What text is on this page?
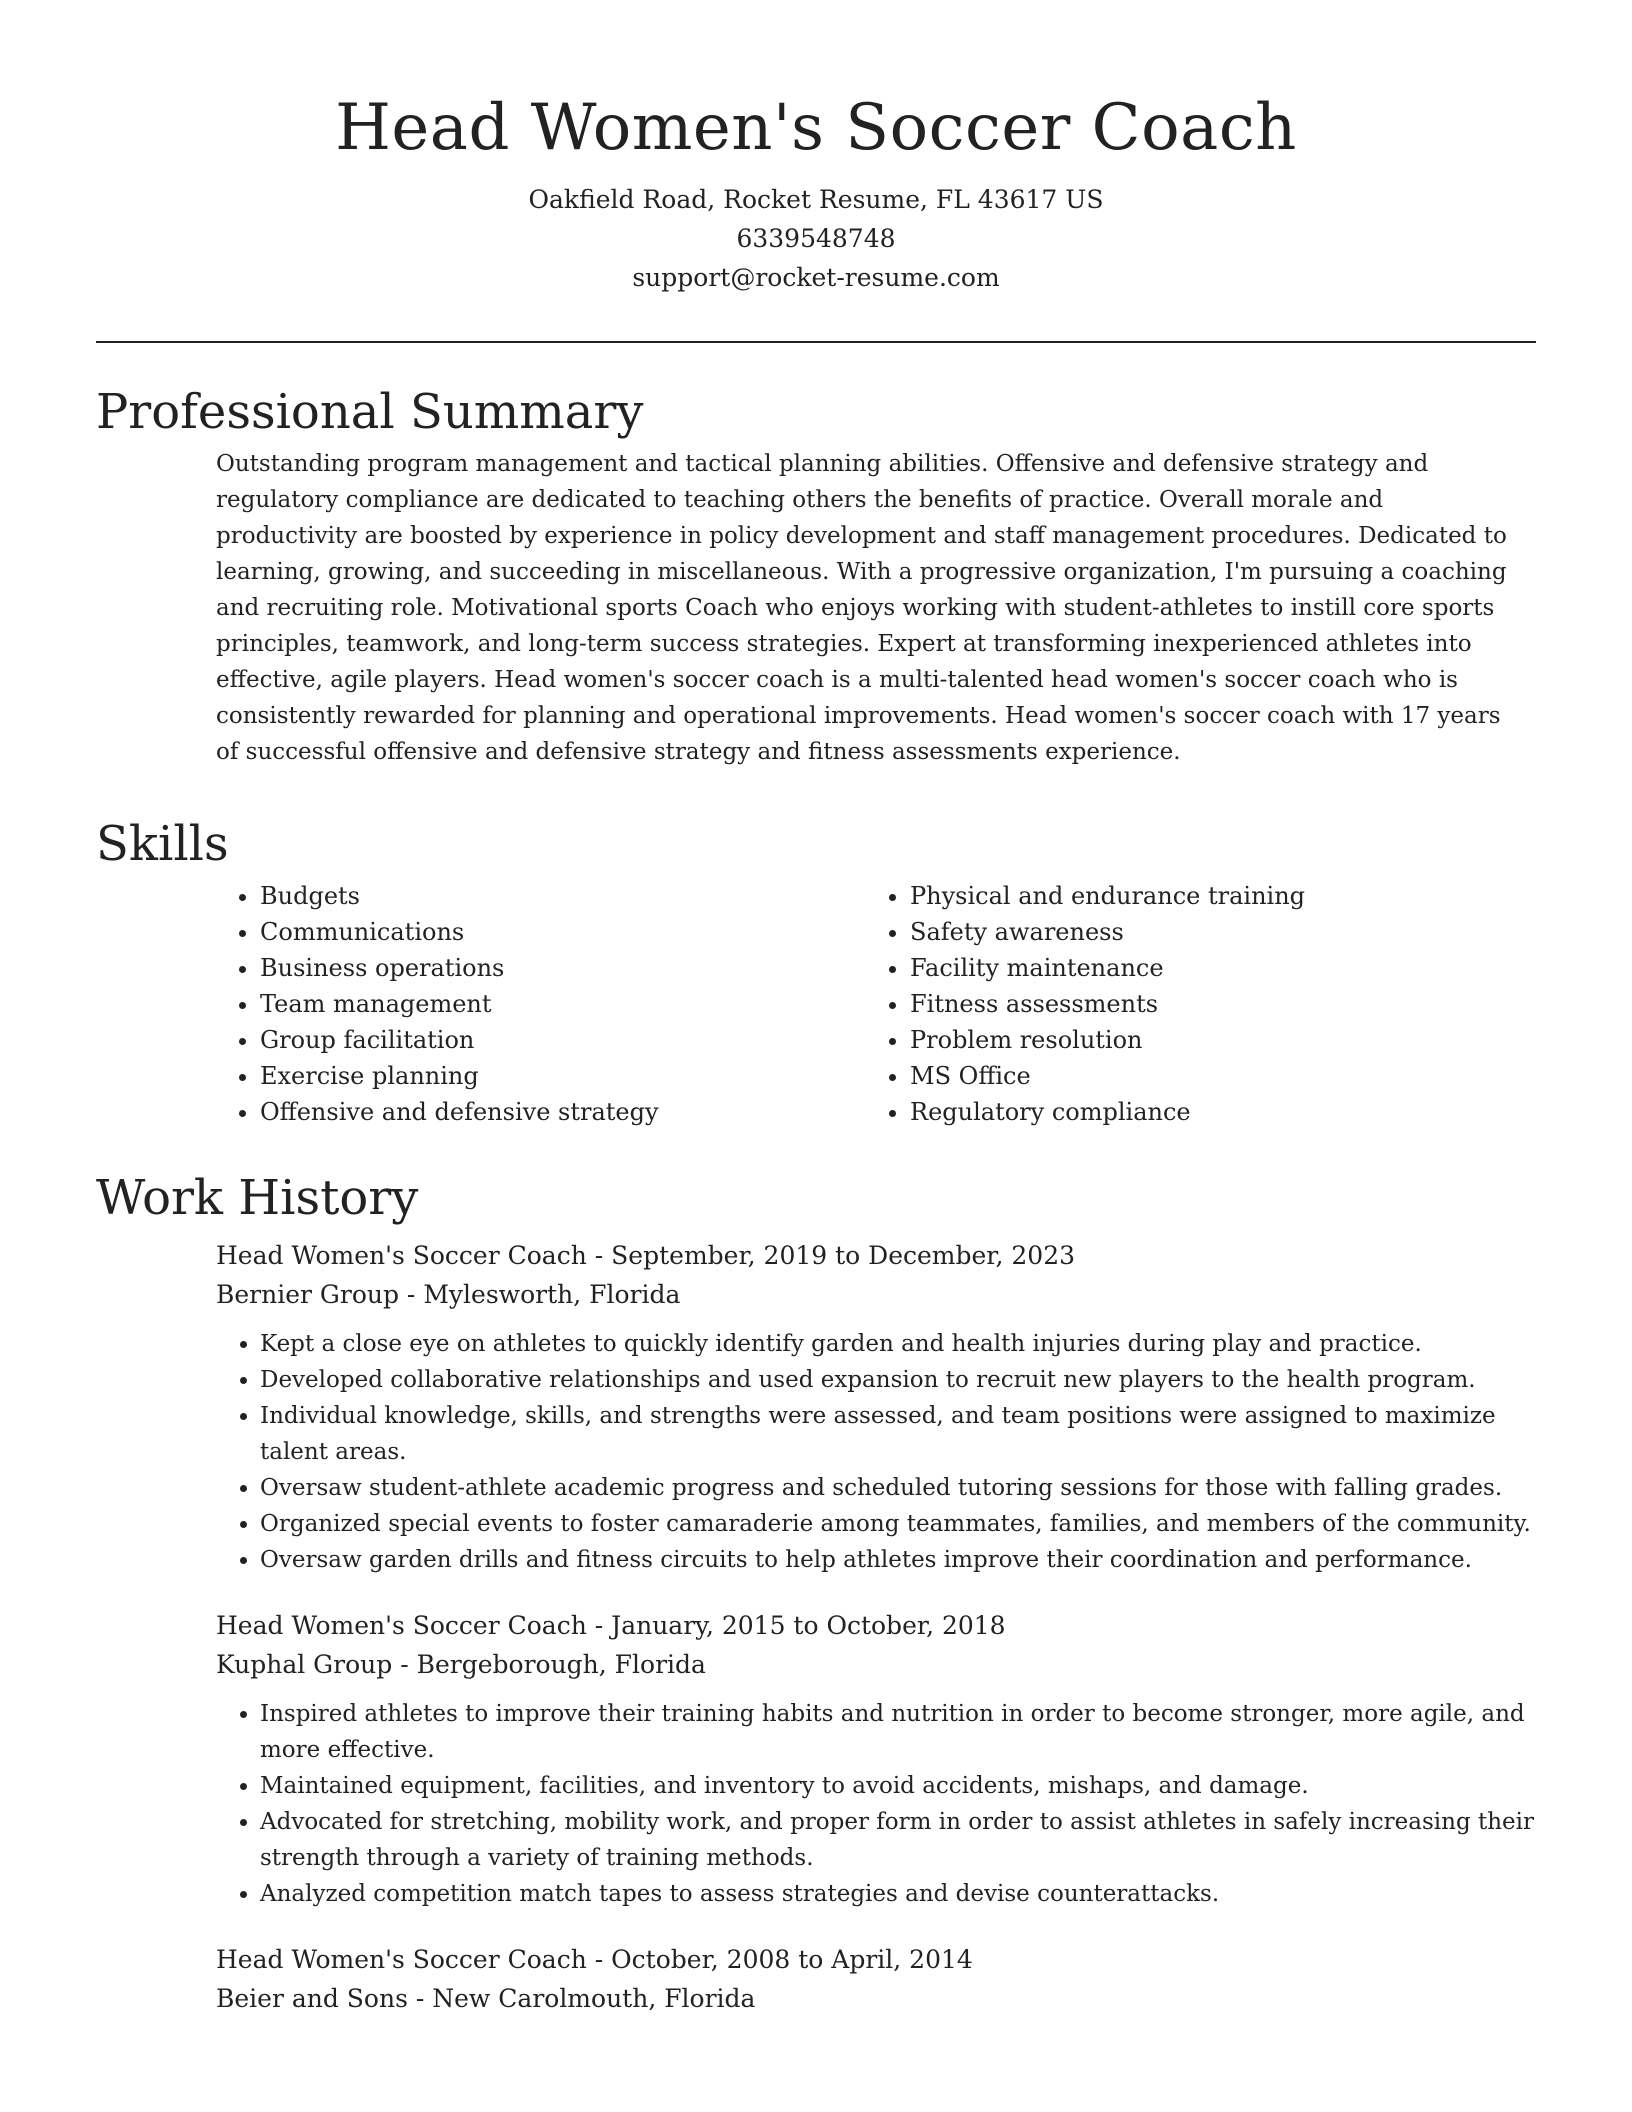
Head Women's Soccer Coach
Oakfield Road, Rocket Resume, FL 43617 US
6339548748
support@rocket-resume.com
Professional Summary

Outstanding program management and tactical planning abilities. Offensive and defensive strategy and regulatory compliance are dedicated to teaching others the benefits of practice. Overall morale and productivity are boosted by experience in policy development and staff management procedures. Dedicated to learning, growing, and succeeding in miscellaneous. With a progressive organization, I'm pursuing a coaching and recruiting role. Motivational sports Coach who enjoys working with student-athletes to instill core sports principles, teamwork, and long-term success strategies. Expert at transforming inexperienced athletes into effective, agile players. Head women's soccer coach is a multi-talented head women's soccer coach who is consistently rewarded for planning and operational improvements. Head women's soccer coach with 17 years of successful offensive and defensive strategy and fitness assessments experience.

Skills
• Budgets
• Communications
• Business operations
• Team management
• Group facilitation
• Exercise planning
• Offensive and defensive strategy
• Physical and endurance training
• Safety awareness
• Facility maintenance
• Fitness assessments
• Problem resolution
• MS Office
• Regulatory compliance
Work History
Head Women's Soccer Coach - September, 2019 to December, 2023
Bernier Group - Mylesworth, Florida
• Kept a close eye on athletes to quickly identify garden and health injuries during play and practice.
• Developed collaborative relationships and used expansion to recruit new players to the health program.
• Individual knowledge, skills, and strengths were assessed, and team positions were assigned to maximize talent areas.
• Oversaw student-athlete academic progress and scheduled tutoring sessions for those with falling grades.
• Organized special events to foster camaraderie among teammates, families, and members of the community.
• Oversaw garden drills and fitness circuits to help athletes improve their coordination and performance.
Head Women's Soccer Coach - January, 2015 to October, 2018
Kuphal Group - Bergeborough, Florida
• Inspired athletes to improve their training habits and nutrition in order to become stronger, more agile, and more effective.
• Maintained equipment, facilities, and inventory to avoid accidents, mishaps, and damage.
• Advocated for stretching, mobility work, and proper form in order to assist athletes in safely increasing their strength through a variety of training methods.
• Analyzed competition match tapes to assess strategies and devise counterattacks.
Head Women's Soccer Coach - October, 2008 to April, 2014
Beier and Sons - New Carolmouth, Florida
